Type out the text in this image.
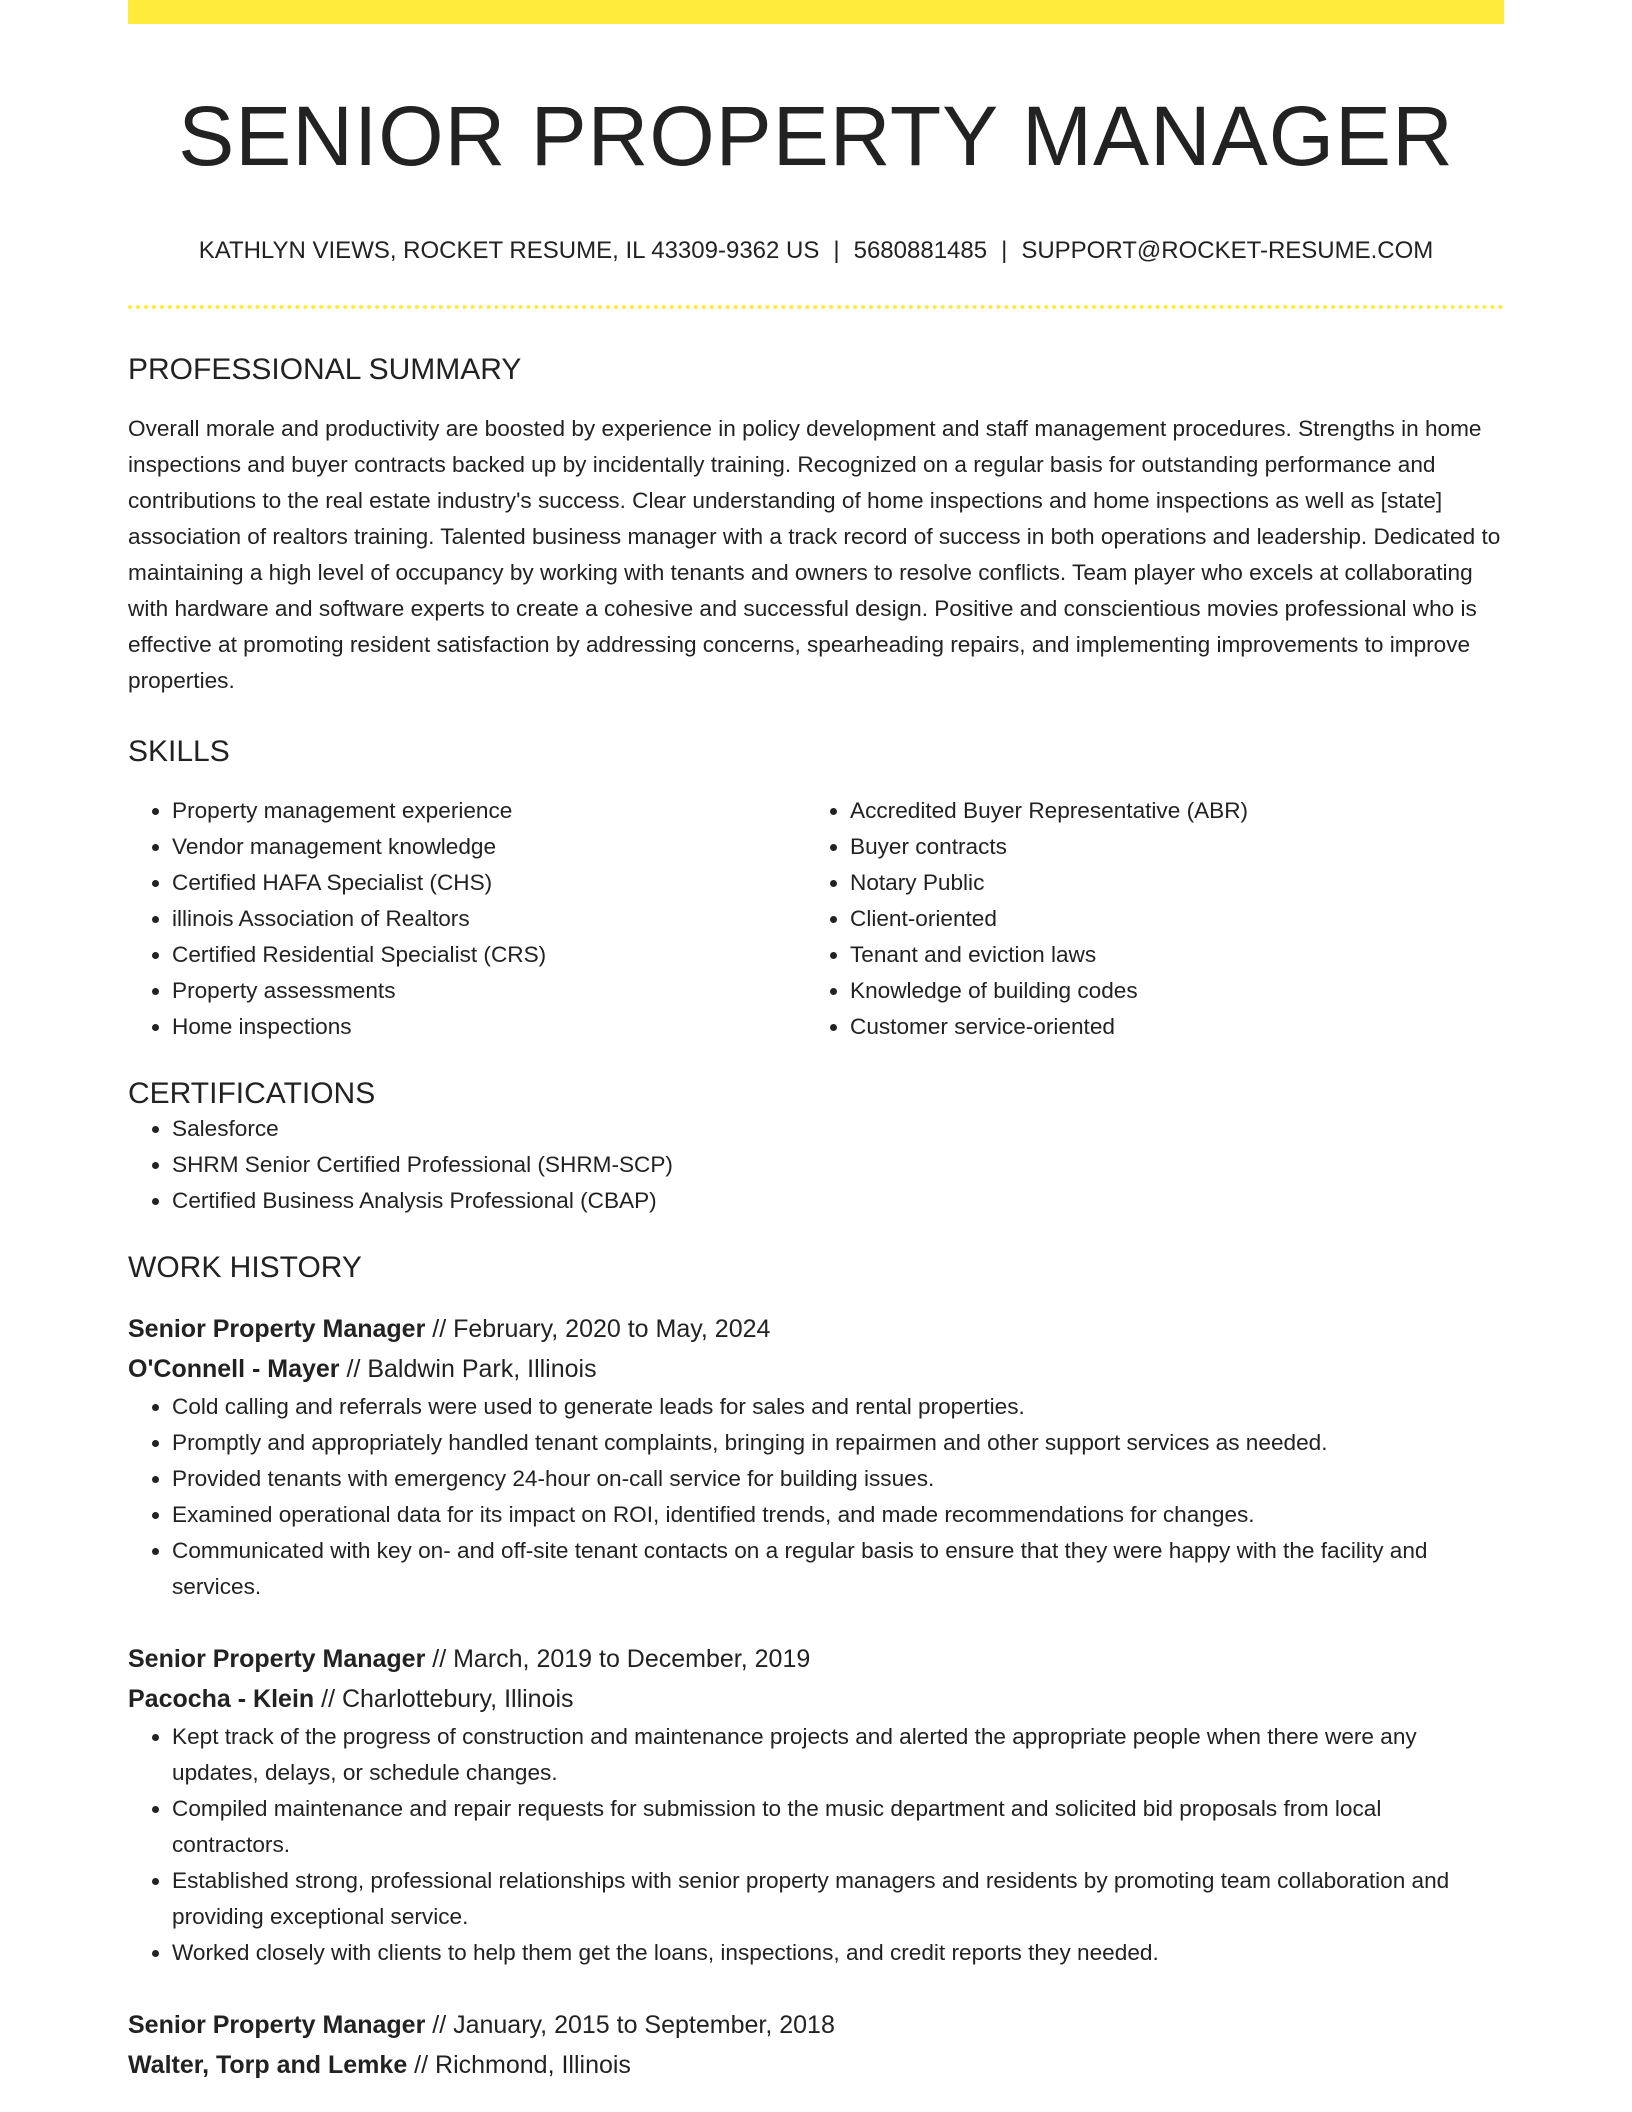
SENIOR PROPERTY MANAGER
KATHLYN VIEWS, ROCKET RESUME, IL 43309-9362 US | 5680881485 | SUPPORT@ROCKET-RESUME.COM
PROFESSIONAL SUMMARY
Overall morale and productivity are boosted by experience in policy development and staff management procedures. Strengths in home inspections and buyer contracts backed up by incidentally training. Recognized on a regular basis for outstanding performance and contributions to the real estate industry's success. Clear understanding of home inspections and home inspections as well as [state] association of realtors training. Talented business manager with a track record of success in both operations and leadership. Dedicated to maintaining a high level of occupancy by working with tenants and owners to resolve conflicts. Team player who excels at collaborating with hardware and software experts to create a cohesive and successful design. Positive and conscientious movies professional who is effective at promoting resident satisfaction by addressing concerns, spearheading repairs, and implementing improvements to improve properties.
SKILLS
• Property management experience
• Vendor management knowledge
• Certified HAFA Specialist (CHS)
• illinois Association of Realtors
• Certified Residential Specialist (CRS)
• Property assessments
• Home inspections
• Accredited Buyer Representative (ABR)
• Buyer contracts
• Notary Public
• Client-oriented
• Tenant and eviction laws
• Knowledge of building codes
• Customer service-oriented
CERTIFICATIONS
• Salesforce
• SHRM Senior Certified Professional (SHRM-SCP)
• Certified Business Analysis Professional (CBAP)
WORK HISTORY
Senior Property Manager // February, 2020 to May, 2024
O'Connell - Mayer // Baldwin Park, Illinois
• Cold calling and referrals were used to generate leads for sales and rental properties.
• Promptly and appropriately handled tenant complaints, bringing in repairmen and other support services as needed.
• Provided tenants with emergency 24-hour on-call service for building issues.
• Examined operational data for its impact on ROI, identified trends, and made recommendations for changes.
• Communicated with key on- and off-site tenant contacts on a regular basis to ensure that they were happy with the facility and services.
Senior Property Manager // March, 2019 to December, 2019
Pacocha - Klein // Charlottebury, Illinois
• Kept track of the progress of construction and maintenance projects and alerted the appropriate people when there were any updates, delays, or schedule changes.
• Compiled maintenance and repair requests for submission to the music department and solicited bid proposals from local contractors.
• Established strong, professional relationships with senior property managers and residents by promoting team collaboration and providing exceptional service.
• Worked closely with clients to help them get the loans, inspections, and credit reports they needed.
Senior Property Manager // January, 2015 to September, 2018
Walter, Torp and Lemke // Richmond, Illinois
